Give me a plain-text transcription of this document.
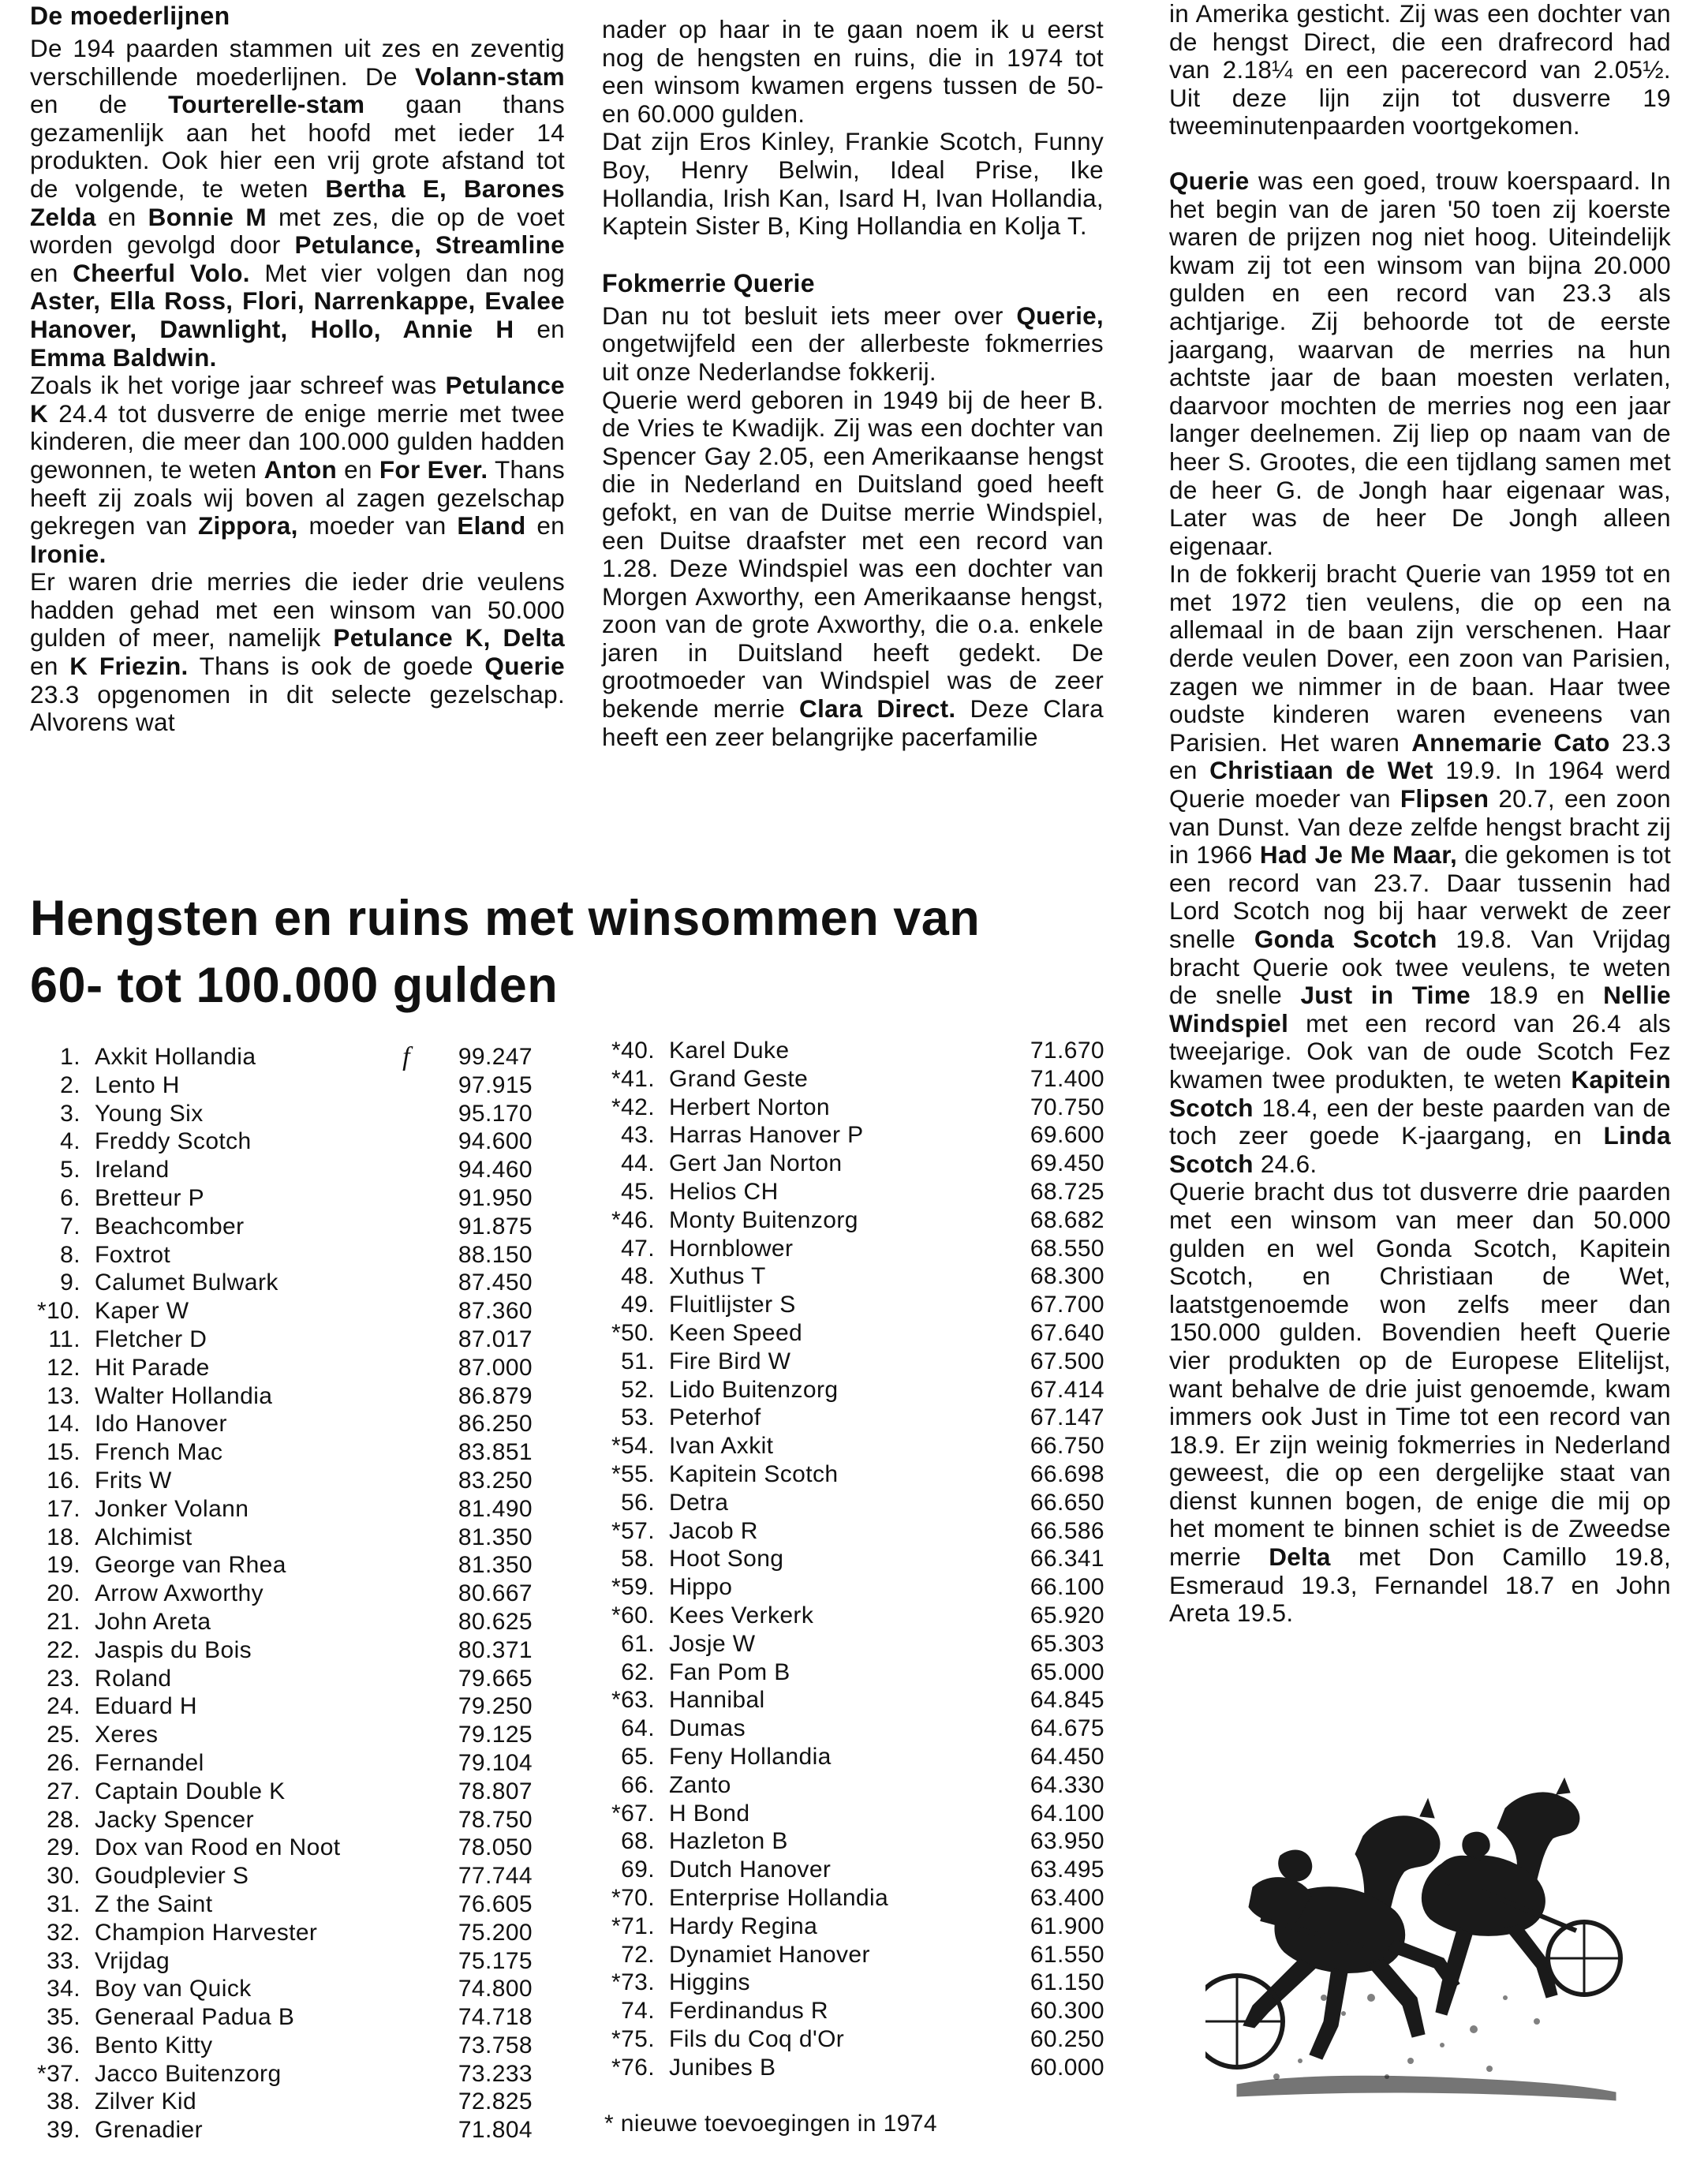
De moederlijnen

De 194 paarden stammen uit zes en zeventig verschillende moederlijnen. De Volann-stam en de Tourterelle-stam gaan thans gezamenlijk aan het hoofd met ieder 14 produkten. Ook hier een vrij grote afstand tot de volgende, te weten Bertha E, Barones Zelda en Bonnie M met zes, die op de voet worden gevolgd door Petulance, Streamline en Cheerful Volo. Met vier volgen dan nog Aster, Ella Ross, Flori, Narrenkappe, Evalee Hanover, Dawnlight, Hollo, Annie H en Emma Baldwin.

Zoals ik het vorige jaar schreef was Petulance K 24.4 tot dusverre de enige merrie met twee kinderen, die meer dan 100.000 gulden hadden gewonnen, te weten Anton en For Ever. Thans heeft zij zoals wij boven al zagen gezelschap gekregen van Zippora, moeder van Eland en Ironie.

Er waren drie merries die ieder drie veulens hadden gehad met een winsom van 50.000 gulden of meer, namelijk Petulance K, Delta en K Friezin. Thans is ook de goede Querie 23.3 opgenomen in dit selecte gezelschap. Alvorens wat

nader op haar in te gaan noem ik u eerst nog de hengsten en ruins, die in 1974 tot een winsom kwamen ergens tussen de 50- en 60.000 gulden.

Dat zijn Eros Kinley, Frankie Scotch, Funny Boy, Henry Belwin, Ideal Prise, Ike Hollandia, Irish Kan, Isard H, Ivan Hollandia, Kaptein Sister B, King Hollandia en Kolja T.

Fokmerrie Querie

Dan nu tot besluit iets meer over Querie, ongetwijfeld een der allerbeste fokmerries uit onze Nederlandse fokkerij.

Querie werd geboren in 1949 bij de heer B. de Vries te Kwadijk. Zij was een dochter van Spencer Gay 2.05, een Amerikaanse hengst die in Nederland en Duitsland goed heeft gefokt, en van de Duitse merrie Windspiel, een Duitse draafster met een record van 1.28. Deze Windspiel was een dochter van Morgen Axworthy, een Amerikaanse hengst, zoon van de grote Axworthy, die o.a. enkele jaren in Duitsland heeft gedekt. De grootmoeder van Windspiel was de zeer bekende merrie Clara Direct. Deze Clara heeft een zeer belangrijke pacerfamilie

in Amerika gesticht. Zij was een dochter van de hengst Direct, die een drafrecord had van 2.18¼ en een pacerecord van 2.05½. Uit deze lijn zijn tot dusverre 19 tweeminutenpaarden voortgekomen.

Querie was een goed, trouw koerspaard. In het begin van de jaren '50 toen zij koerste waren de prijzen nog niet hoog. Uiteindelijk kwam zij tot een winsom van bijna 20.000 gulden en een record van 23.3 als achtjarige. Zij behoorde tot de eerste jaargang, waarvan de merries na hun achtste jaar de baan moesten verlaten, daarvoor mochten de merries nog een jaar langer deelnemen. Zij liep op naam van de heer S. Grootes, die een tijdlang samen met de heer G. de Jongh haar eigenaar was, Later was de heer De Jongh alleen eigenaar.

In de fokkerij bracht Querie van 1959 tot en met 1972 tien veulens, die op een na allemaal in de baan zijn verschenen. Haar derde veulen Dover, een zoon van Parisien, zagen we nimmer in de baan. Haar twee oudste kinderen waren eveneens van Parisien. Het waren Annemarie Cato 23.3 en Christiaan de Wet 19.9. In 1964 werd Querie moeder van Flipsen 20.7, een zoon van Dunst. Van deze zelfde hengst bracht zij in 1966 Had Je Me Maar, die gekomen is tot een record van 23.7. Daar tussenin had Lord Scotch nog bij haar verwekt de zeer snelle Gonda Scotch 19.8. Van Vrijdag bracht Querie ook twee veulens, te weten de snelle Just in Time 18.9 en Nellie Windspiel met een record van 26.4 als tweejarige. Ook van de oude Scotch Fez kwamen twee produkten, te weten Kapitein Scotch 18.4, een der beste paarden van de toch zeer goede K-jaargang, en Linda Scotch 24.6.

Querie bracht dus tot dusverre drie paarden met een winsom van meer dan 50.000 gulden en wel Gonda Scotch, Kapitein Scotch, en Christiaan de Wet, laatstgenoemde won zelfs meer dan 150.000 gulden. Bovendien heeft Querie vier produkten op de Europese Elitelijst, want behalve de drie juist genoemde, kwam immers ook Just in Time tot een record van 18.9. Er zijn weinig fokmerries in Nederland geweest, die op een dergelijke staat van dienst kunnen bogen, de enige die mij op het moment te binnen schiet is de Zweedse merrie Delta met Don Camillo 19.8, Esmeraud 19.3, Fernandel 18.7 en John Areta 19.5.

Hengsten en ruins met winsommen van
60- tot 100.000 gulden
1. Axkit Hollandia	99.247
f
2. Lento H	97.915
3. Young Six	95.170
4. Freddy Scotch	94.600
5. Ireland	94.460
6. Bretteur P	91.950
7. Beachcomber	91.875
8. Foxtrot	88.150
9. Calumet Bulwark	87.450
*10. Kaper W	87.360
11. Fletcher D	87.017
12. Hit Parade	87.000
13. Walter Hollandia	86.879
14. Ido Hanover	86.250
15. French Mac	83.851
16. Frits W	83.250
17. Jonker Volann	81.490
18. Alchimist	81.350
19. George van Rhea	81.350
20. Arrow Axworthy	80.667
21. John Areta	80.625
22. Jaspis du Bois	80.371
23. Roland	79.665
24. Eduard H	79.250
25. Xeres	79.125
26. Fernandel	79.104
27. Captain Double K	78.807
28. Jacky Spencer	78.750
29. Dox van Rood en Noot	78.050
30. Goudplevier S	77.744
31. Z the Saint	76.605
32. Champion Harvester	75.200
33. Vrijdag	75.175
34. Boy van Quick	74.800
35. Generaal Padua B	74.718
36. Bento Kitty	73.758
*37. Jacco Buitenzorg	73.233
38. Zilver Kid	72.825
39. Grenadier	71.804
*40. Karel Duke	71.670
*41. Grand Geste	71.400
*42. Herbert Norton	70.750
43. Harras Hanover P	69.600
44. Gert Jan Norton	69.450
45. Helios CH	68.725
*46. Monty Buitenzorg	68.682
47. Hornblower	68.550
48. Xuthus T	68.300
49. Fluitlijster S	67.700
*50. Keen Speed	67.640
51. Fire Bird W	67.500
52. Lido Buitenzorg	67.414
53. Peterhof	67.147
*54. Ivan Axkit	66.750
*55. Kapitein Scotch	66.698
56. Detra	66.650
*57. Jacob R	66.586
58. Hoot Song	66.341
*59. Hippo	66.100
*60. Kees Verkerk	65.920
61. Josje W	65.303
62. Fan Pom B	65.000
*63. Hannibal	64.845
64. Dumas	64.675
65. Feny Hollandia	64.450
66. Zanto	64.330
*67. H Bond	64.100
68. Hazleton B	63.950
69. Dutch Hanover	63.495
*70. Enterprise Hollandia	63.400
*71. Hardy Regina	61.900
72. Dynamiet Hanover	61.550
*73. Higgins	61.150
74. Ferdinandus R	60.300
*75. Fils du Coq d'Or	60.250
*76. Junibes B	60.000
* nieuwe toevoegingen in 1974
